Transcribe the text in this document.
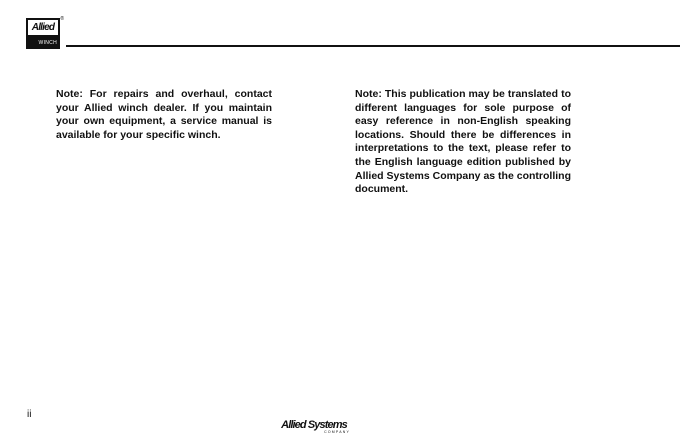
Allied
WINCH
®
Note: For repairs and overhaul, contact your Allied winch dealer. If you maintain your own equipment, a service manual is available for your specific winch.
Note: This publication may be translated to different languages for sole purpose of easy reference in non-English speaking locations. Should there be differences in interpretations to the text, please refer to the English language edition published by Allied Systems Company as the controlling document.
ii
Allied Systems
COMPANY
